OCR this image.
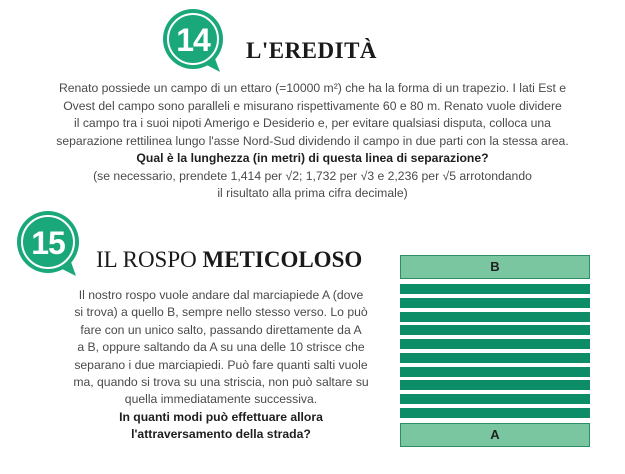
14	L'EREDITÀ

Renato possiede un campo di un ettaro (=10000 m²) che ha la forma di un trapezio. I lati Est e

Ovest del campo sono paralleli e misurano rispettivamente 60 e 80 m. Renato vuole dividere

il campo tra i suoi nipoti Amerigo e Desiderio e, per evitare qualsiasi disputa, colloca una

separazione rettilinea lungo l'asse Nord-Sud dividendo il campo in due parti con la stessa area.

Qual è la lunghezza (in metri) di questa linea di separazione?

(se necessario, prendete 1,414 per √2; 1,732 per √3 e 2,236 per √5 arrotondando

il risultato alla prima cifra decimale)

15	IL ROSPO METICOLOSO

Il nostro rospo vuole andare dal marciapiede A (dove

si trova) a quello B, sempre nello stesso verso. Lo può

fare con un unico salto, passando direttamente da A

a B, oppure saltando da A su una delle 10 strisce che

separano i due marciapiedi. Può fare quanti salti vuole

ma, quando si trova su una striscia, non può saltare su

quella immediatamente successiva.

In quanti modi può effettuare allora

l'attraversamento della strada?

B
A
